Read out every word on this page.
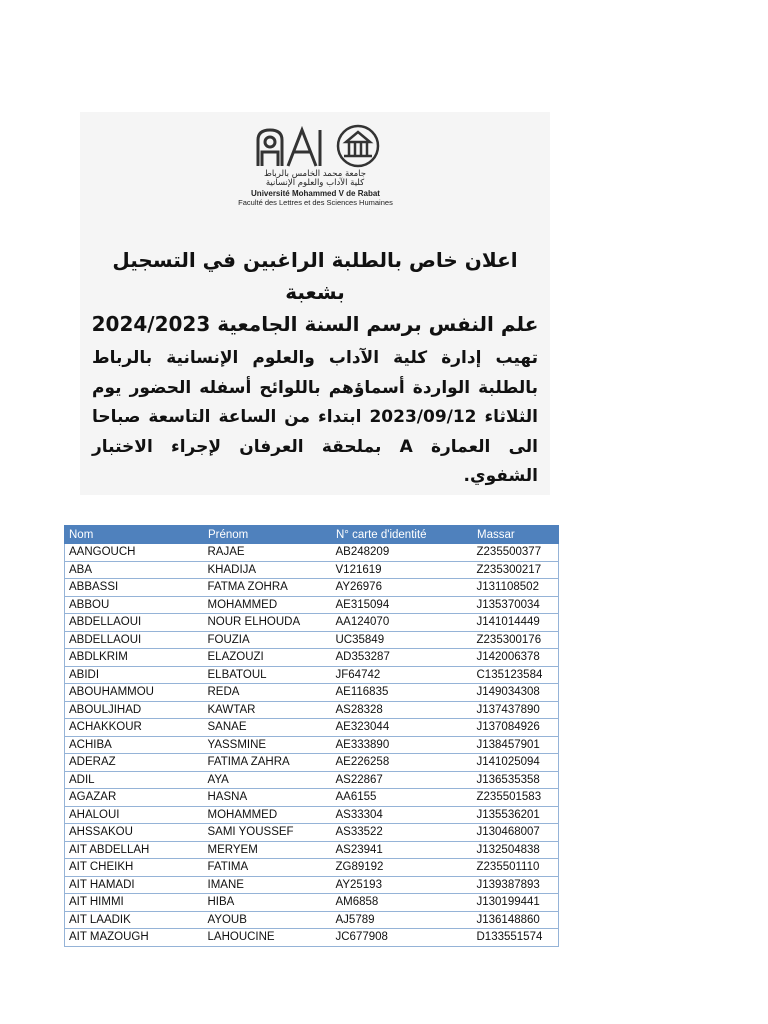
جامعة محمد الخامس بالرباط
كلية الآداب والعلوم الإنسانية
Université Mohammed V de Rabat
Faculté des Lettres et des Sciences Humaines
اعلان خاص بالطلبة الراغبين في التسجيل بشعبة
علم النفس برسم السنة الجامعية 2024/2023
تهيب إدارة كلية الآداب والعلوم الإنسانية بالرباط بالطلبة الواردة أسماؤهم باللوائح أسفله الحضور يوم الثلاثاء 2023/09/12 ابتداء من الساعة التاسعة صباحا الى العمارة A بملحقة العرفان لإجراء الاختبار الشفوي.
Nom	Prénom	N° carte d'identité	Massar
AANGOUCH	RAJAE	AB248209	Z235500377
ABA	KHADIJA	V121619	Z235300217
ABBASSI	FATMA ZOHRA	AY26976	J131108502
ABBOU	MOHAMMED	AE315094	J135370034
ABDELLAOUI	NOUR ELHOUDA	AA124070	J141014449
ABDELLAOUI	FOUZIA	UC35849	Z235300176
ABDLKRIM	ELAZOUZI	AD353287	J142006378
ABIDI	ELBATOUL	JF64742	C135123584
ABOUHAMMOU	REDA	AE116835	J149034308
ABOULJIHAD	KAWTAR	AS28328	J137437890
ACHAKKOUR	SANAE	AE323044	J137084926
ACHIBA	YASSMINE	AE333890	J138457901
ADERAZ	FATIMA ZAHRA	AE226258	J141025094
ADIL	AYA	AS22867	J136535358
AGAZAR	HASNA	AA6155	Z235501583
AHALOUI	MOHAMMED	AS33304	J135536201
AHSSAKOU	SAMI YOUSSEF	AS33522	J130468007
AIT ABDELLAH	MERYEM	AS23941	J132504838
AIT CHEIKH	FATIMA	ZG89192	Z235501110
AIT HAMADI	IMANE	AY25193	J139387893
AIT HIMMI	HIBA	AM6858	J130199441
AIT LAADIK	AYOUB	AJ5789	J136148860
AIT MAZOUGH	LAHOUCINE	JC677908	D133551574
